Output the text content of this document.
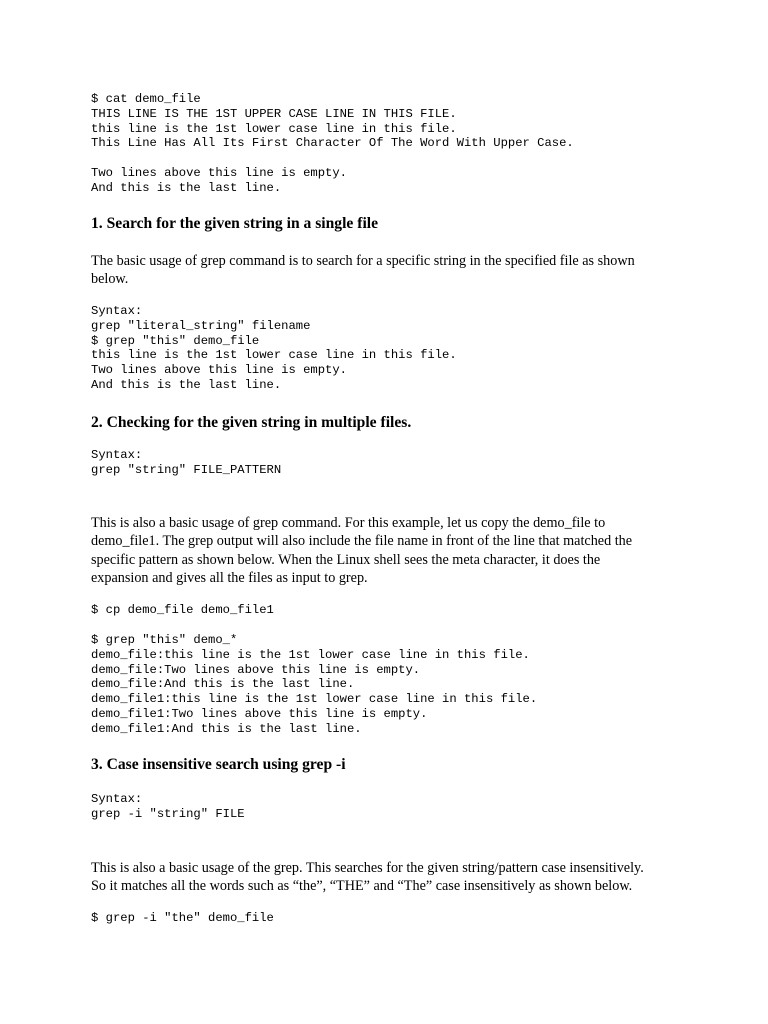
$ cat demo_file
THIS LINE IS THE 1ST UPPER CASE LINE IN THIS FILE.
this line is the 1st lower case line in this file.
This Line Has All Its First Character Of The Word With Upper Case.
Two lines above this line is empty.
And this is the last line.
1. Search for the given string in a single file

The basic usage of grep command is to search for a specific string in the specified file as shown
below.

Syntax:
grep "literal_string" filename
$ grep "this" demo_file
this line is the 1st lower case line in this file.
Two lines above this line is empty.
And this is the last line.
2. Checking for the given string in multiple files.
Syntax:
grep "string" FILE_PATTERN

This is also a basic usage of grep command. For this example, let us copy the demo_file to
demo_file1. The grep output will also include the file name in front of the line that matched the
specific pattern as shown below. When the Linux shell sees the meta character, it does the
expansion and gives all the files as input to grep.

$ cp demo_file demo_file1
$ grep "this" demo_*
demo_file:this line is the 1st lower case line in this file.
demo_file:Two lines above this line is empty.
demo_file:And this is the last line.
demo_file1:this line is the 1st lower case line in this file.
demo_file1:Two lines above this line is empty.
demo_file1:And this is the last line.
3. Case insensitive search using grep -i
Syntax:
grep -i "string" FILE

This is also a basic usage of the grep. This searches for the given string/pattern case insensitively.
So it matches all the words such as “the”, “THE” and “The” case insensitively as shown below.

$ grep -i "the" demo_file
